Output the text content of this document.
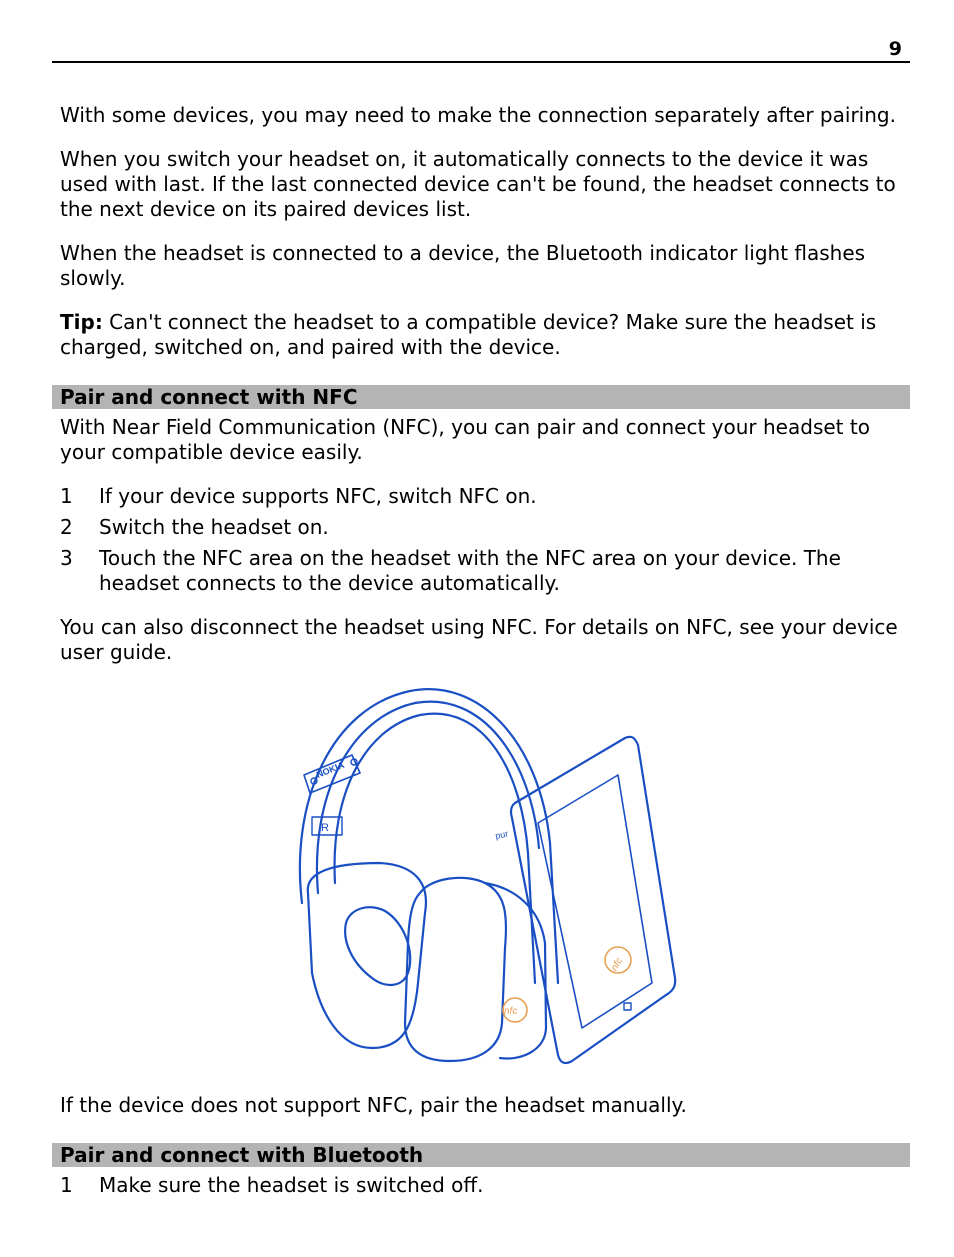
9

With some devices, you may need to make the connection separately after pairing.

When you switch your headset on, it automatically connects to the device it was used with last. If the last connected device can't be found, the headset connects to the next device on its paired devices list.

When the headset is connected to a device, the Bluetooth indicator light flashes slowly.

Tip: Can't connect the headset to a compatible device? Make sure the headset is charged, switched on, and paired with the device.

Pair and connect with NFC

With Near Field Communication (NFC), you can pair and connect your headset to your compatible device easily.

1 If your device supports NFC, switch NFC on.
2 Switch the headset on.
3 Touch the NFC area on the headset with the NFC area on your device. The headset connects to the device automatically.

You can also disconnect the headset using NFC. For details on NFC, see your device user guide.

NOKIA
R
pur
nfc
nfc

If the device does not support NFC, pair the headset manually.

Pair and connect with Bluetooth
1 Make sure the headset is switched off.
